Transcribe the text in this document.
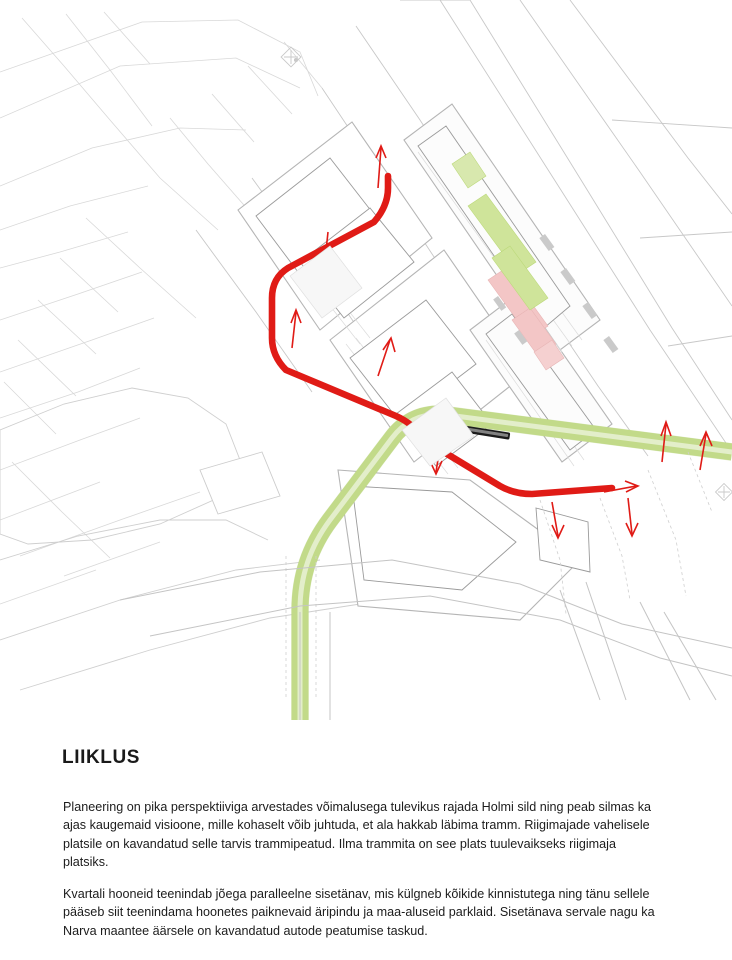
LIIKLUS

Planeering on pika perspektiiviga arvestades võimalusega tulevikus rajada Holmi sild ning peab silmas ka ajas kaugemaid visioone, mille kohaselt võib juhtuda, et ala hakkab läbima tramm. Riigimajade vahelisele platsile on kavandatud selle tarvis trammipeatud. Ilma trammita on see plats tuulevaikseks riigimaja platsiks.

Kvartali hooneid teenindab jõega paralleelne sisetänav, mis külgneb kõikide kinnistutega ning tänu sellele pääseb siit teenindama hoonetes paiknevaid äripindu ja maa-aluseid parklaid. Sisetänava servale nagu ka Narva maantee äärsele on kavandatud autode peatumise taskud.
